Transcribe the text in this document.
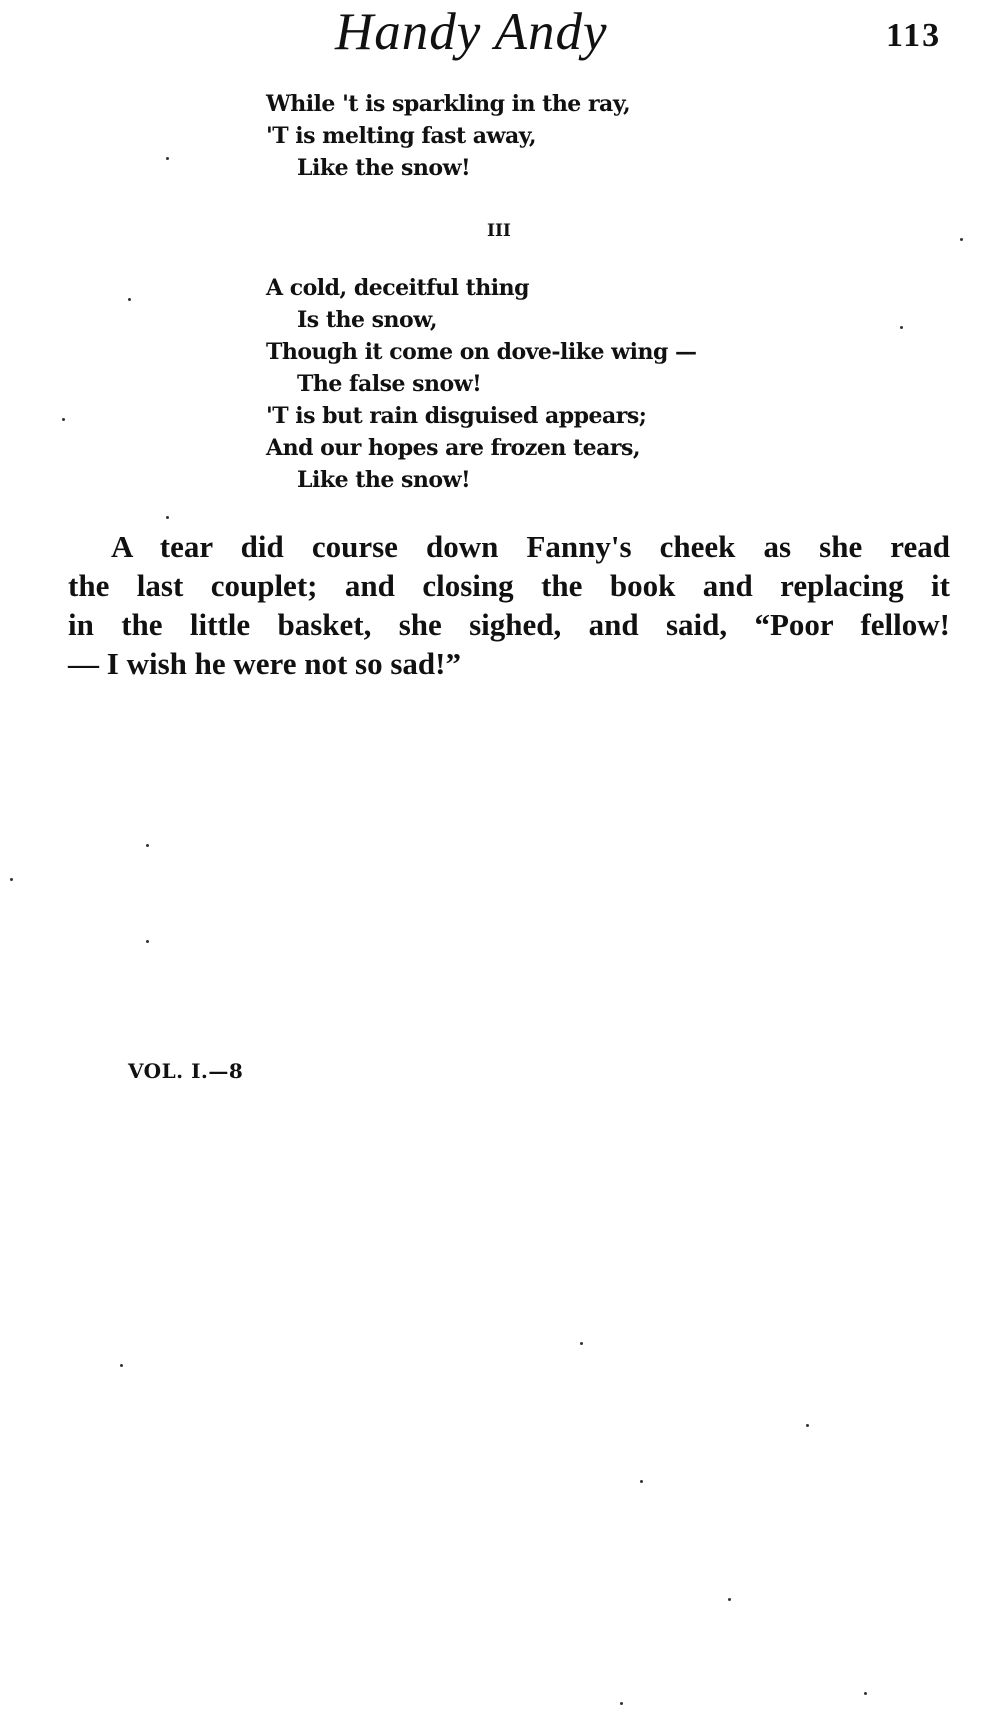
Handy Andy	113
While 't is sparkling in the ray,
'T is melting fast away,
Like the snow!
III
A cold, deceitful thing
Is the snow,
Though it come on dove-like wing —
The false snow!
'T is but rain disguised appears;
And our hopes are frozen tears,
Like the snow!
A tear did course down Fanny's cheek as she read
the last couplet; and closing the book and replacing it
in the little basket, she sighed, and said, “Poor fellow!
— I wish he were not so sad!”
VOL. I.—8
